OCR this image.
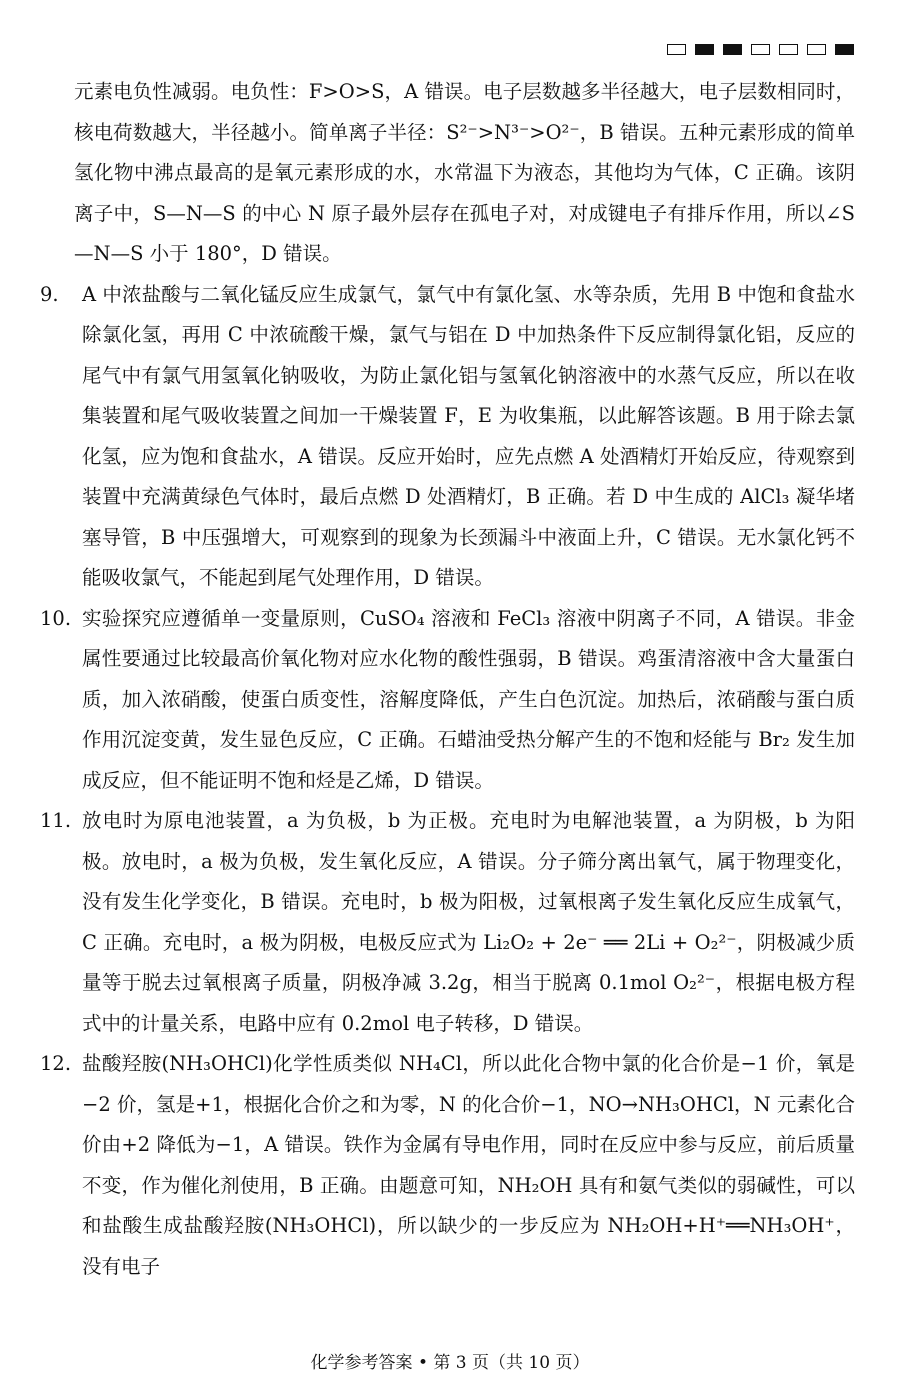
元素电负性减弱。电负性：F>O>S，A 错误。电子层数越多半径越大，电子层数相同时，核电荷数越大，半径越小。简单离子半径：S²⁻>N³⁻>O²⁻，B 错误。五种元素形成的简单氢化物中沸点最高的是氧元素形成的水，水常温下为液态，其他均为气体，C 正确。该阴离子中，S—N—S 的中心 N 原子最外层存在孤电子对，对成键电子有排斥作用，所以∠S—N—S 小于 180°，D 错误。

9.	A 中浓盐酸与二氧化锰反应生成氯气，氯气中有氯化氢、水等杂质，先用 B 中饱和食盐水除氯化氢，再用 C 中浓硫酸干燥，氯气与铝在 D 中加热条件下反应制得氯化铝，反应的尾气中有氯气用氢氧化钠吸收，为防止氯化铝与氢氧化钠溶液中的水蒸气反应，所以在收集装置和尾气吸收装置之间加一干燥装置 F，E 为收集瓶，以此解答该题。B 用于除去氯化氢，应为饱和食盐水，A 错误。反应开始时，应先点燃 A 处酒精灯开始反应，待观察到装置中充满黄绿色气体时，最后点燃 D 处酒精灯，B 正确。若 D 中生成的 AlCl₃ 凝华堵塞导管，B 中压强增大，可观察到的现象为长颈漏斗中液面上升，C 错误。无水氯化钙不能吸收氯气，不能起到尾气处理作用，D 错误。
10. 实验探究应遵循单一变量原则，CuSO₄ 溶液和 FeCl₃ 溶液中阴离子不同，A 错误。非金属性要通过比较最高价氧化物对应水化物的酸性强弱，B 错误。鸡蛋清溶液中含大量蛋白质，加入浓硝酸，使蛋白质变性，溶解度降低，产生白色沉淀。加热后，浓硝酸与蛋白质作用沉淀变黄，发生显色反应，C 正确。石蜡油受热分解产生的不饱和烃能与 Br₂ 发生加成反应，但不能证明不饱和烃是乙烯，D 错误。
11. 放电时为原电池装置，a 为负极，b 为正极。充电时为电解池装置，a 为阴极，b 为阳极。放电时，a 极为负极，发生氧化反应，A 错误。分子筛分离出氧气，属于物理变化，没有发生化学变化，B 错误。充电时，b 极为阳极，过氧根离子发生氧化反应生成氧气，C 正确。充电时，a 极为阴极，电极反应式为 Li₂O₂ + 2e⁻ ══ 2Li + O₂²⁻，阴极减少质量等于脱去过氧根离子质量，阴极净减 3.2g，相当于脱离 0.1mol O₂²⁻，根据电极方程式中的计量关系，电路中应有 0.2mol 电子转移，D 错误。
12. 盐酸羟胺(NH₃OHCl)化学性质类似 NH₄Cl，所以此化合物中氯的化合价是−1 价，氧是−2 价，氢是+1，根据化合价之和为零，N 的化合价−1，NO→NH₃OHCl，N 元素化合价由+2 降低为−1，A 错误。铁作为金属有导电作用，同时在反应中参与反应，前后质量不变，作为催化剂使用，B 正确。由题意可知，NH₂OH 具有和氨气类似的弱碱性，可以和盐酸生成盐酸羟胺(NH₃OHCl)，所以缺少的一步反应为 NH₂OH+H⁺══NH₃OH⁺，没有电子
化学参考答案 • 第 3 页（共 10 页）
